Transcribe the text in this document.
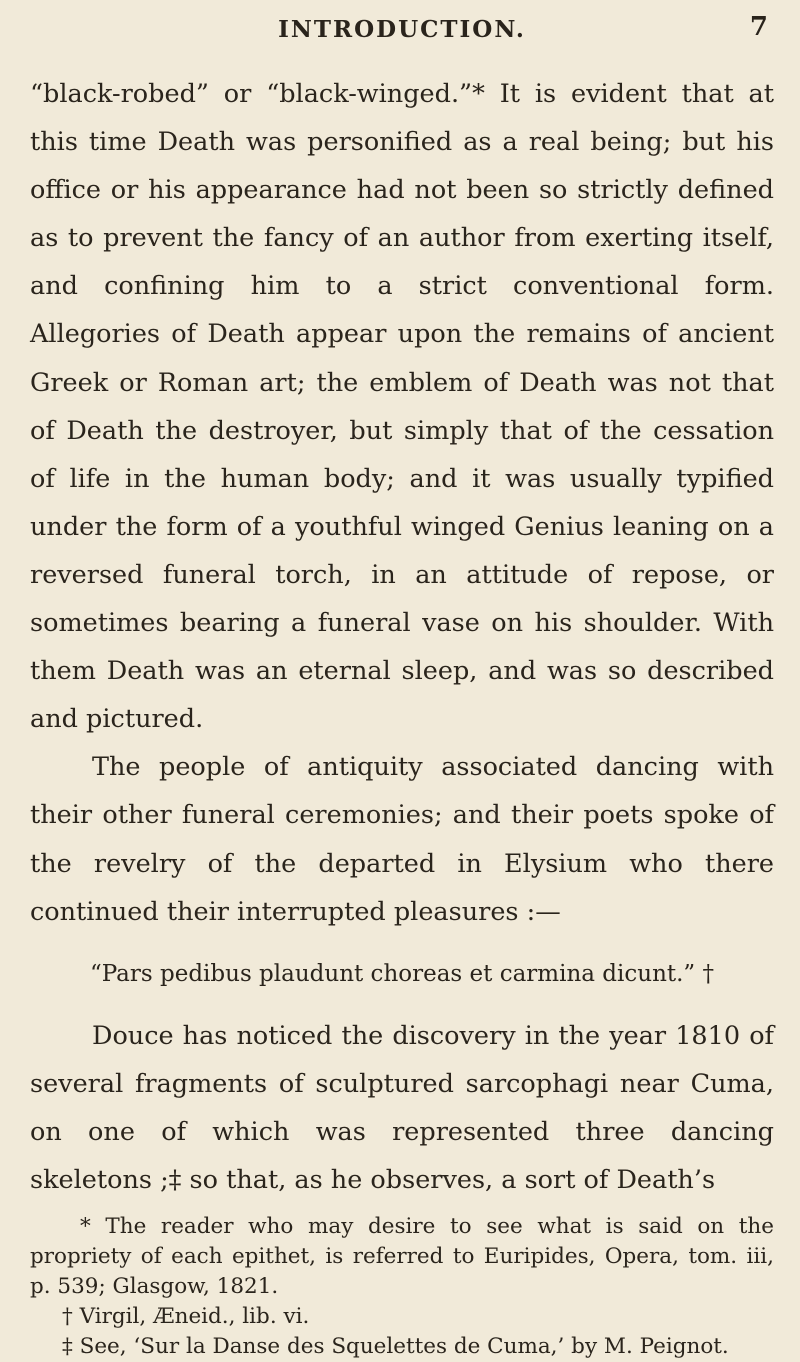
INTRODUCTION.	7

“black-robed” or “black-winged.”* It is evident that at this time Death was personified as a real being; but his office or his appearance had not been so strictly defined as to prevent the fancy of an author from exerting itself, and confining him to a strict conventional form. Allegories of Death appear upon the remains of ancient Greek or Roman art; the emblem of Death was not that of Death the destroyer, but simply that of the cessation of life in the human body; and it was usually typified under the form of a youthful winged Genius leaning on a reversed funeral torch, in an attitude of repose, or sometimes bearing a funeral vase on his shoulder. With them Death was an eternal sleep, and was so described and pictured.

The people of antiquity associated dancing with their other funeral ceremonies; and their poets spoke of the revelry of the departed in Elysium who there continued their interrupted pleasures :—

“Pars pedibus plaudunt choreas et carmina dicunt.” †

Douce has noticed the discovery in the year 1810 of several fragments of sculptured sarcophagi near Cuma, on one of which was represented three dancing skeletons ;‡ so that, as he observes, a sort of Death’s

* The reader who may desire to see what is said on the propriety of each epithet, is referred to Euripides, Opera, tom. iii, p. 539; Glasgow, 1821.

† Virgil, Æneid., lib. vi.

‡ See, ‘Sur la Danse des Squelettes de Cuma,’ by M. Peignot.
